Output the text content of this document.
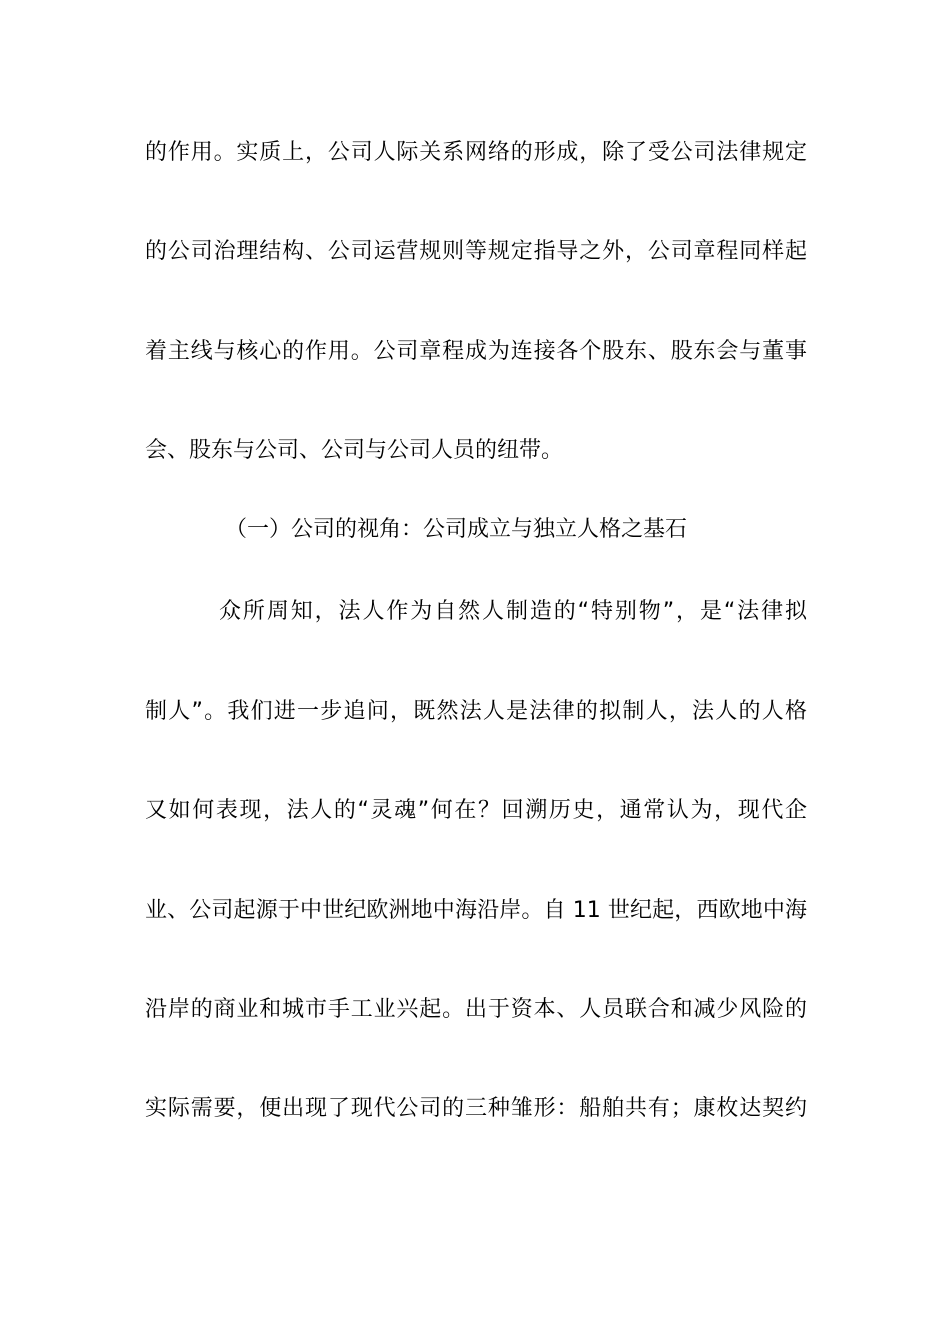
的作用。实质上，公司人际关系网络的形成，除了受公司法律规定
的公司治理结构、公司运营规则等规定指导之外，公司章程同样起
着主线与核心的作用。公司章程成为连接各个股东、股东会与董事
会、股东与公司、公司与公司人员的纽带。
（一）公司的视角：公司成立与独立人格之基石
众所周知，法人作为自然人制造的“特别物”，是“法律拟
制人”。我们进一步追问，既然法人是法律的拟制人，法人的人格
又如何表现，法人的“灵魂”何在？回溯历史，通常认为，现代企
业、公司起源于中世纪欧洲地中海沿岸。自 11 世纪起，西欧地中海
沿岸的商业和城市手工业兴起。出于资本、人员联合和减少风险的
实际需要，便出现了现代公司的三种雏形：船舶共有；康枚达契约
